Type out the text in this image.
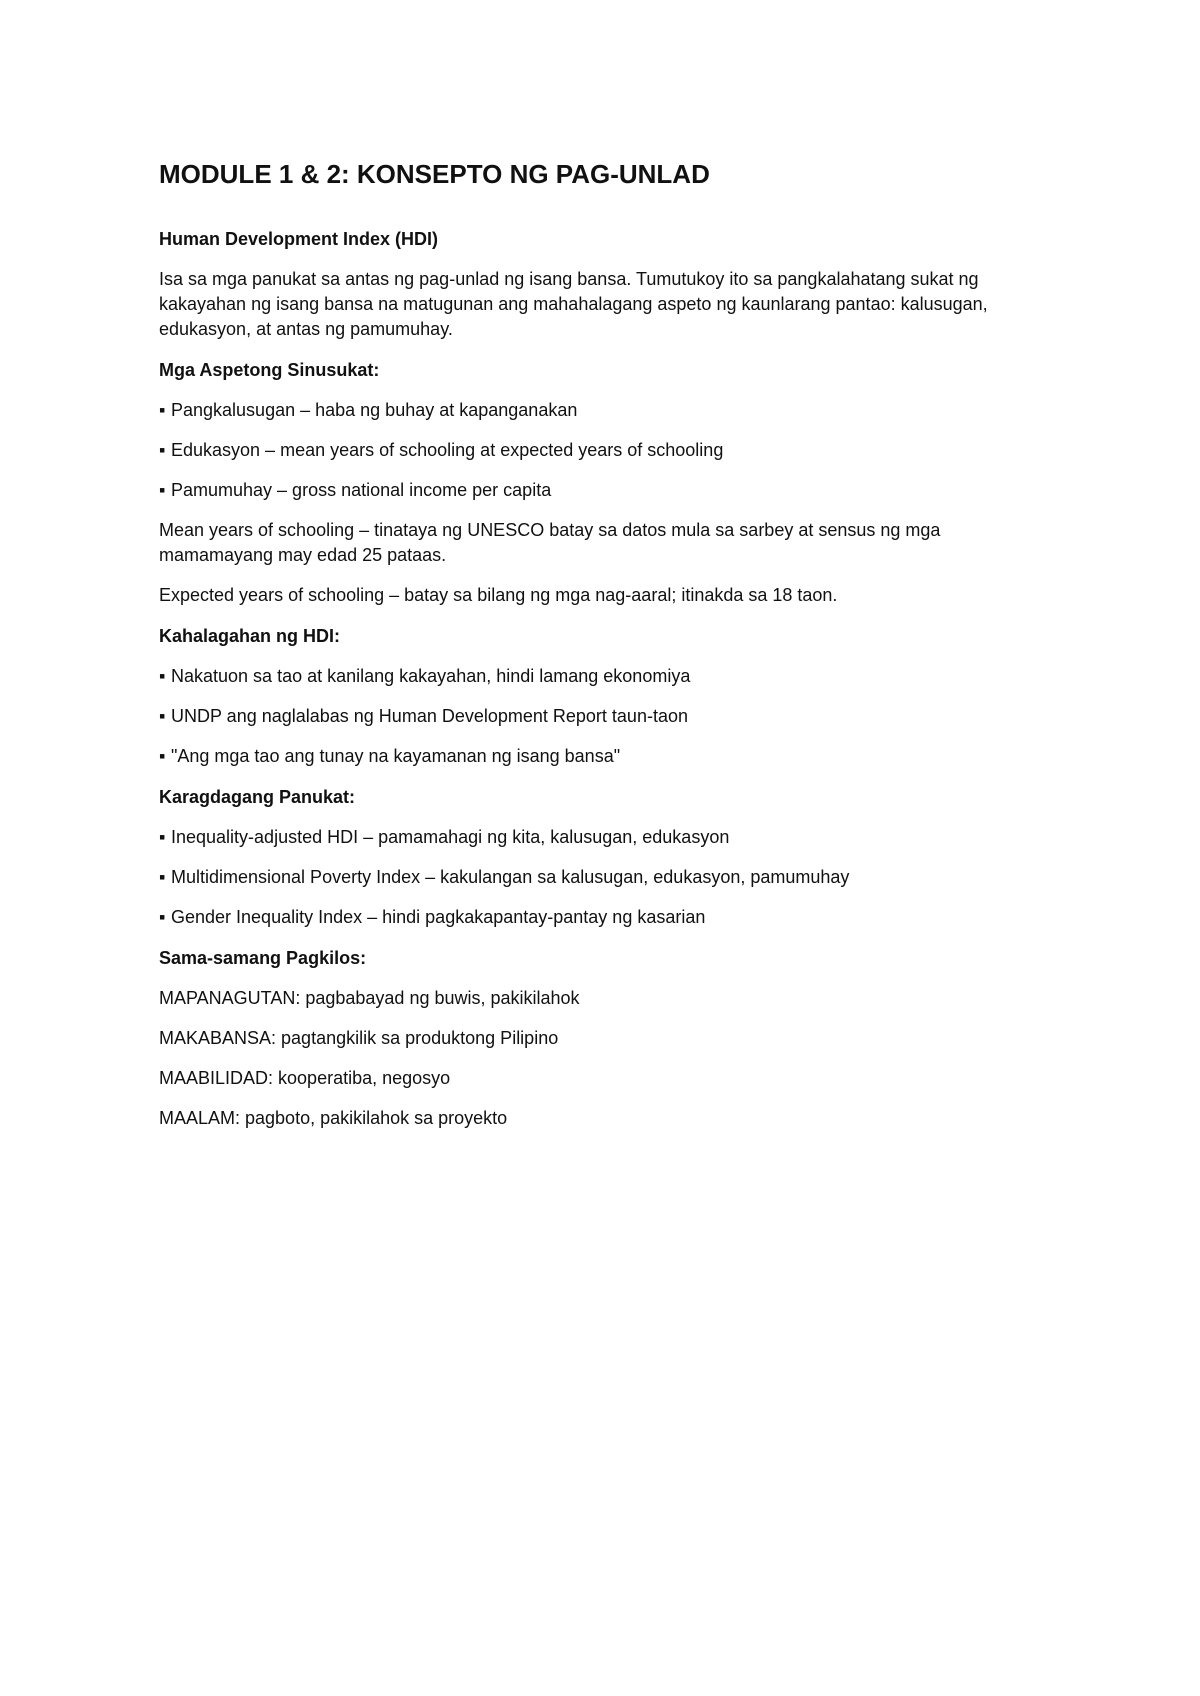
MODULE 1 & 2: KONSEPTO NG PAG-UNLAD
Human Development Index (HDI)

Isa sa mga panukat sa antas ng pag-unlad ng isang bansa. Tumutukoy ito sa pangkalahatang sukat ng kakayahan ng isang bansa na matugunan ang mahahalagang aspeto ng kaunlarang pantao: kalusugan, edukasyon, at antas ng pamumuhay.

Mga Aspetong Sinusukat:
▪ Pangkalusugan – haba ng buhay at kapanganakan
▪ Edukasyon – mean years of schooling at expected years of schooling
▪ Pamumuhay – gross national income per capita

Mean years of schooling – tinataya ng UNESCO batay sa datos mula sa sarbey at sensus ng mga mamamayang may edad 25 pataas.

Expected years of schooling – batay sa bilang ng mga nag-aaral; itinakda sa 18 taon.

Kahalagahan ng HDI:
▪ Nakatuon sa tao at kanilang kakayahan, hindi lamang ekonomiya
▪ UNDP ang naglalabas ng Human Development Report taun-taon
▪ "Ang mga tao ang tunay na kayamanan ng isang bansa"
Karagdagang Panukat:
▪ Inequality-adjusted HDI – pamamahagi ng kita, kalusugan, edukasyon
▪ Multidimensional Poverty Index – kakulangan sa kalusugan, edukasyon, pamumuhay
▪ Gender Inequality Index – hindi pagkakapantay-pantay ng kasarian
Sama-samang Pagkilos:

MAPANAGUTAN: pagbabayad ng buwis, pakikilahok

MAKABANSA: pagtangkilik sa produktong Pilipino

MAABILIDAD: kooperatiba, negosyo

MAALAM: pagboto, pakikilahok sa proyekto
